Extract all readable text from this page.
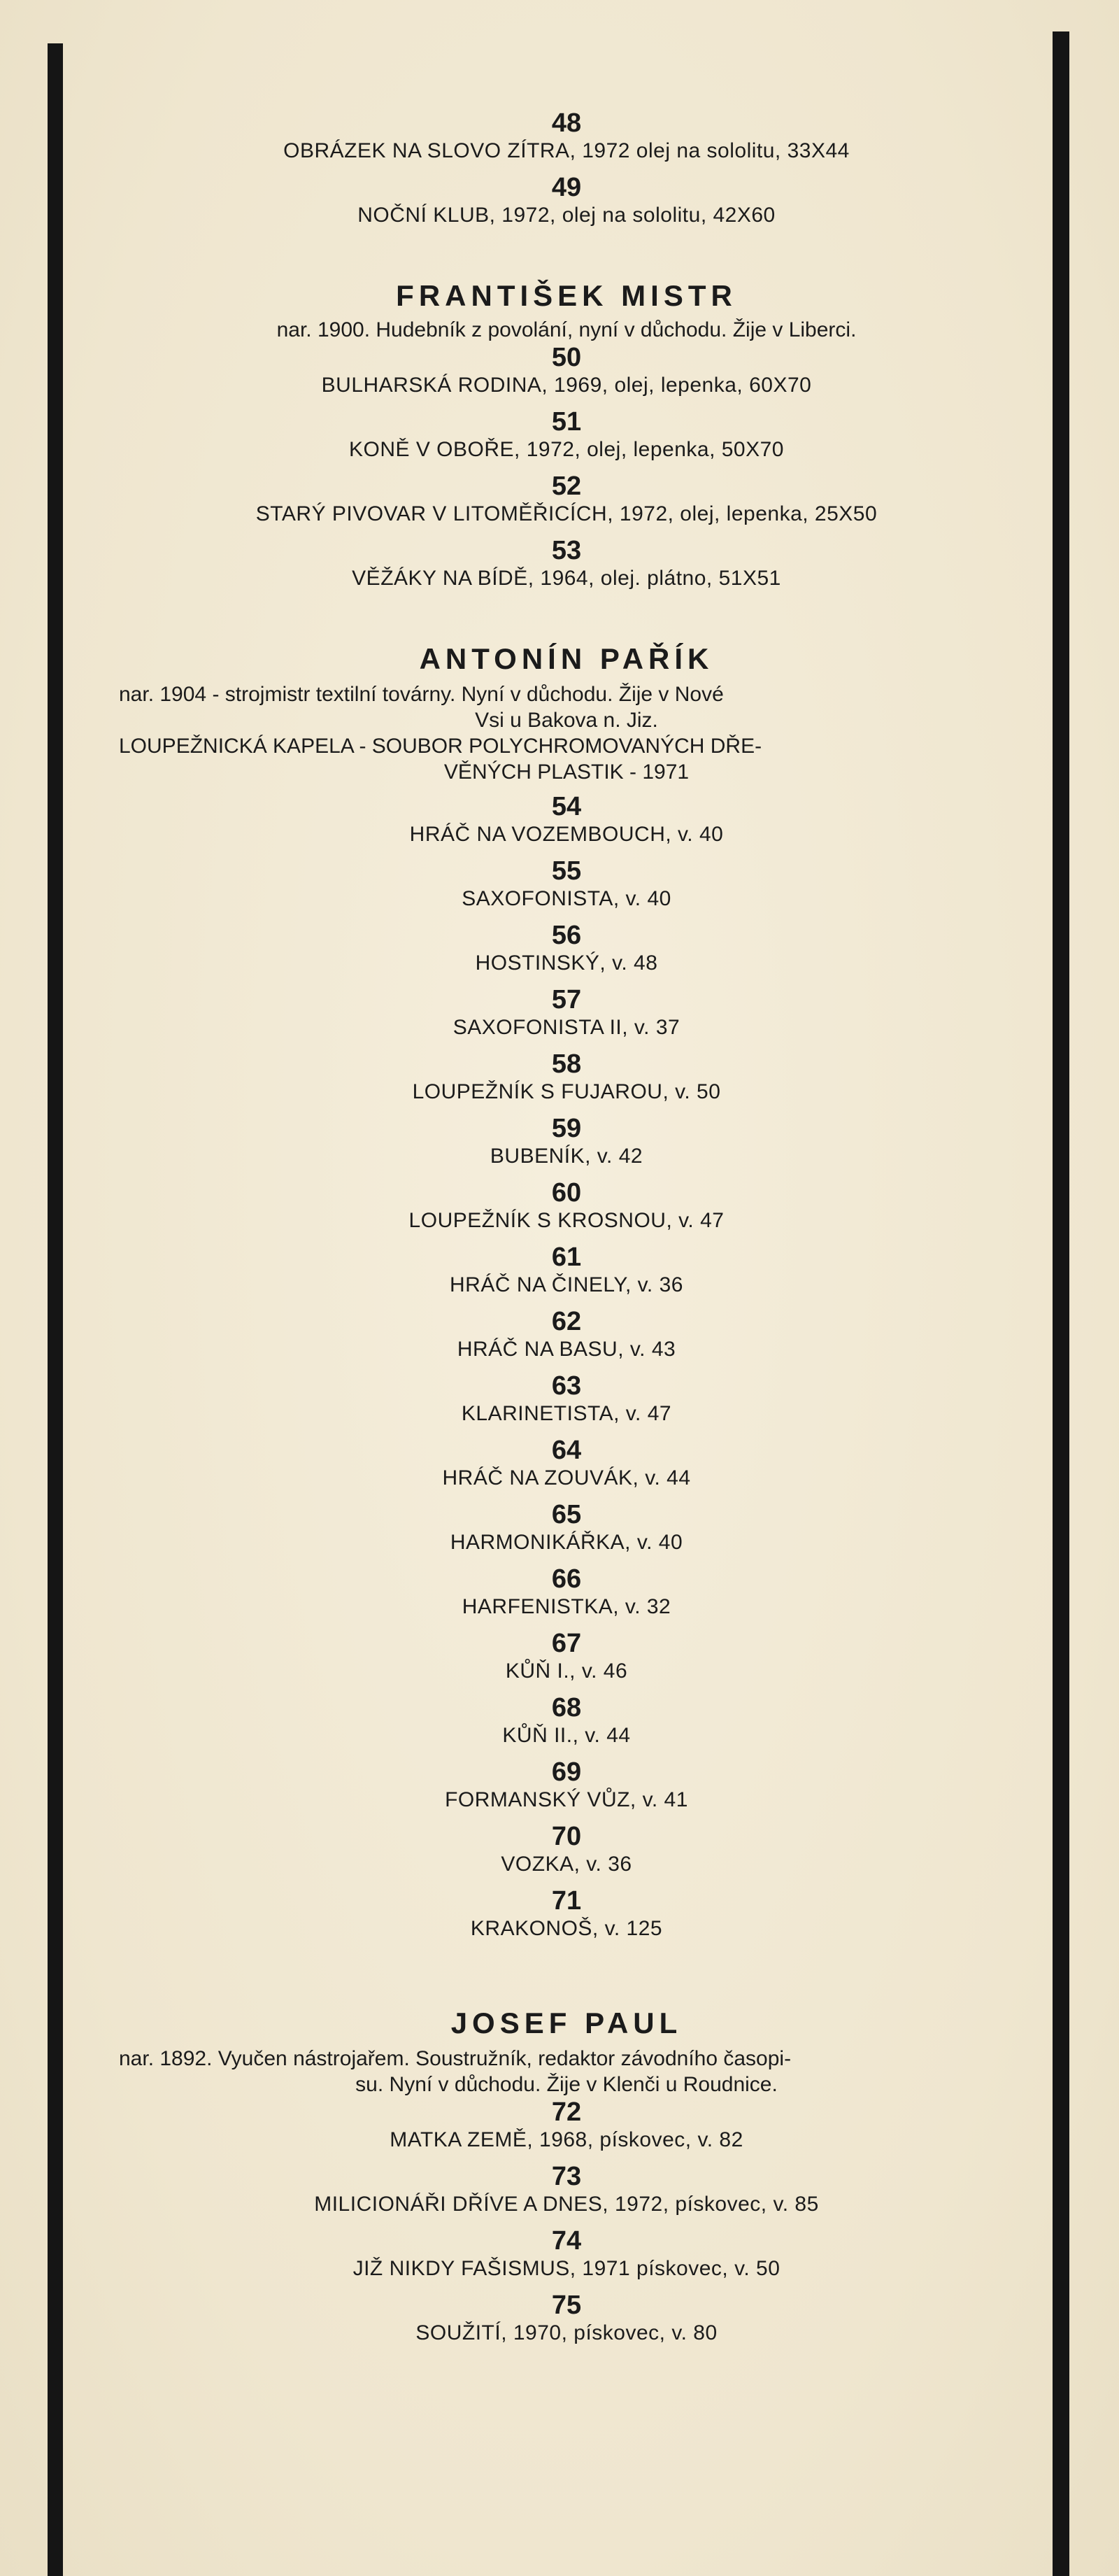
48
OBRÁZEK NA SLOVO ZÍTRA, 1972 olej na sololitu, 33X44
49
NOČNÍ KLUB, 1972, olej na sololitu, 42X60
FRANTIŠEK MISTR
nar. 1900. Hudebník z povolání, nyní v důchodu. Žije v Liberci.
50
BULHARSKÁ RODINA, 1969, olej, lepenka, 60X70
51
KONĚ V OBOŘE, 1972, olej, lepenka, 50X70
52
STARÝ PIVOVAR V LITOMĚŘICÍCH, 1972, olej, lepenka, 25X50
53
VĚŽÁKY NA BÍDĚ, 1964, olej. plátno, 51X51
ANTONÍN PAŘÍK
nar. 1904 - strojmistr textilní továrny. Nyní v důchodu. Žije v Nové
Vsi u Bakova n. Jiz.
LOUPEŽNICKÁ KAPELA - SOUBOR POLYCHROMOVANÝCH DŘE-
VĚNÝCH PLASTIK - 1971
54
HRÁČ NA VOZEMBOUCH, v. 40
55
SAXOFONISTA, v. 40
56
HOSTINSKÝ, v. 48
57
SAXOFONISTA II, v. 37
58
LOUPEŽNÍK S FUJAROU, v. 50
59
BUBENÍK, v. 42
60
LOUPEŽNÍK S KROSNOU, v. 47
61
HRÁČ NA ČINELY, v. 36
62
HRÁČ NA BASU, v. 43
63
KLARINETISTA, v. 47
64
HRÁČ NA ZOUVÁK, v. 44
65
HARMONIKÁŘKA, v. 40
66
HARFENISTKA, v. 32
67
KŮŇ I., v. 46
68
KŮŇ II., v. 44
69
FORMANSKÝ VŮZ, v. 41
70
VOZKA, v. 36
71
KRAKONOŠ, v. 125
JOSEF PAUL
nar. 1892. Vyučen nástrojařem. Soustružník, redaktor závodního časopi-
su. Nyní v důchodu. Žije v Klenči u Roudnice.
72
MATKA ZEMĚ, 1968, pískovec, v. 82
73
MILICIONÁŘI DŘÍVE A DNES, 1972, pískovec, v. 85
74
JIŽ NIKDY FAŠISMUS, 1971 pískovec, v. 50
75
SOUŽITÍ, 1970, pískovec, v. 80
